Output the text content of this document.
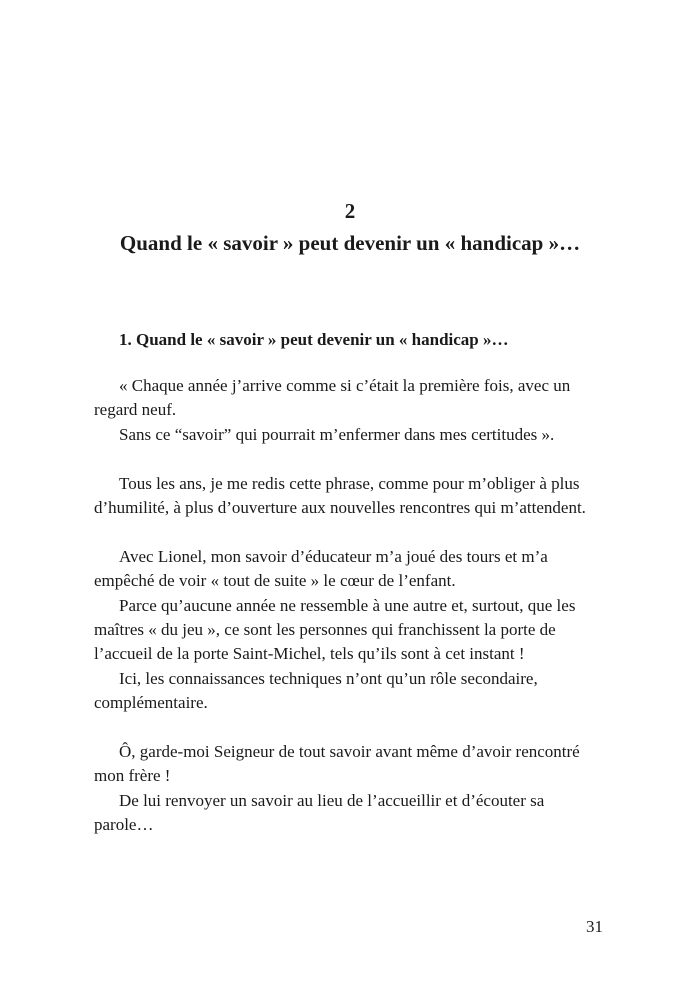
2
Quand le « savoir » peut devenir un « handicap »…
1. Quand le « savoir » peut devenir un « handicap »…

« Chaque année j’arrive comme si c’était la première fois, avec un regard neuf.

Sans ce “savoir” qui pourrait m’enfermer dans mes certitudes ».

Tous les ans, je me redis cette phrase, comme pour m’obliger à plus d’humilité, à plus d’ouverture aux nouvelles rencontres qui m’attendent.

Avec Lionel, mon savoir d’éducateur m’a joué des tours et m’a empêché de voir « tout de suite » le cœur de l’enfant.

Parce qu’aucune année ne ressemble à une autre et, surtout, que les maîtres « du jeu », ce sont les personnes qui franchissent la porte de l’accueil de la porte Saint-Michel, tels qu’ils sont à cet instant !

Ici, les connaissances techniques n’ont qu’un rôle secondaire, complémentaire.

Ô, garde-moi Seigneur de tout savoir avant même d’avoir rencontré mon frère !

De lui renvoyer un savoir au lieu de l’accueillir et d’écouter sa parole…

31
